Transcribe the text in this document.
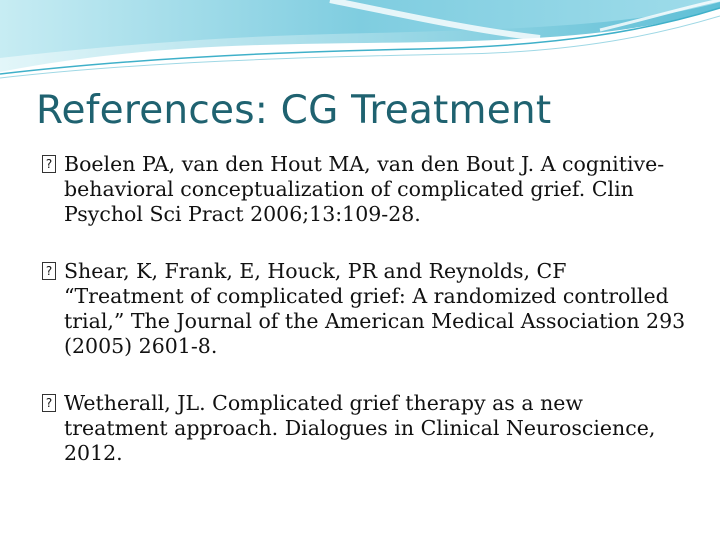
References: CG Treatment
? Boelen PA, van den Hout MA, van den Bout J. A cognitive-behavioral conceptualization of complicated grief. Clin Psychol Sci Pract 2006;13:109-28.
? Shear, K, Frank, E, Houck, PR and Reynolds, CF “Treatment of complicated grief: A randomized controlled trial,” The Journal of the American Medical Association 293 (2005) 2601-8.
? Wetherall, JL. Complicated grief therapy as a new treatment approach. Dialogues in Clinical Neuroscience, 2012.
